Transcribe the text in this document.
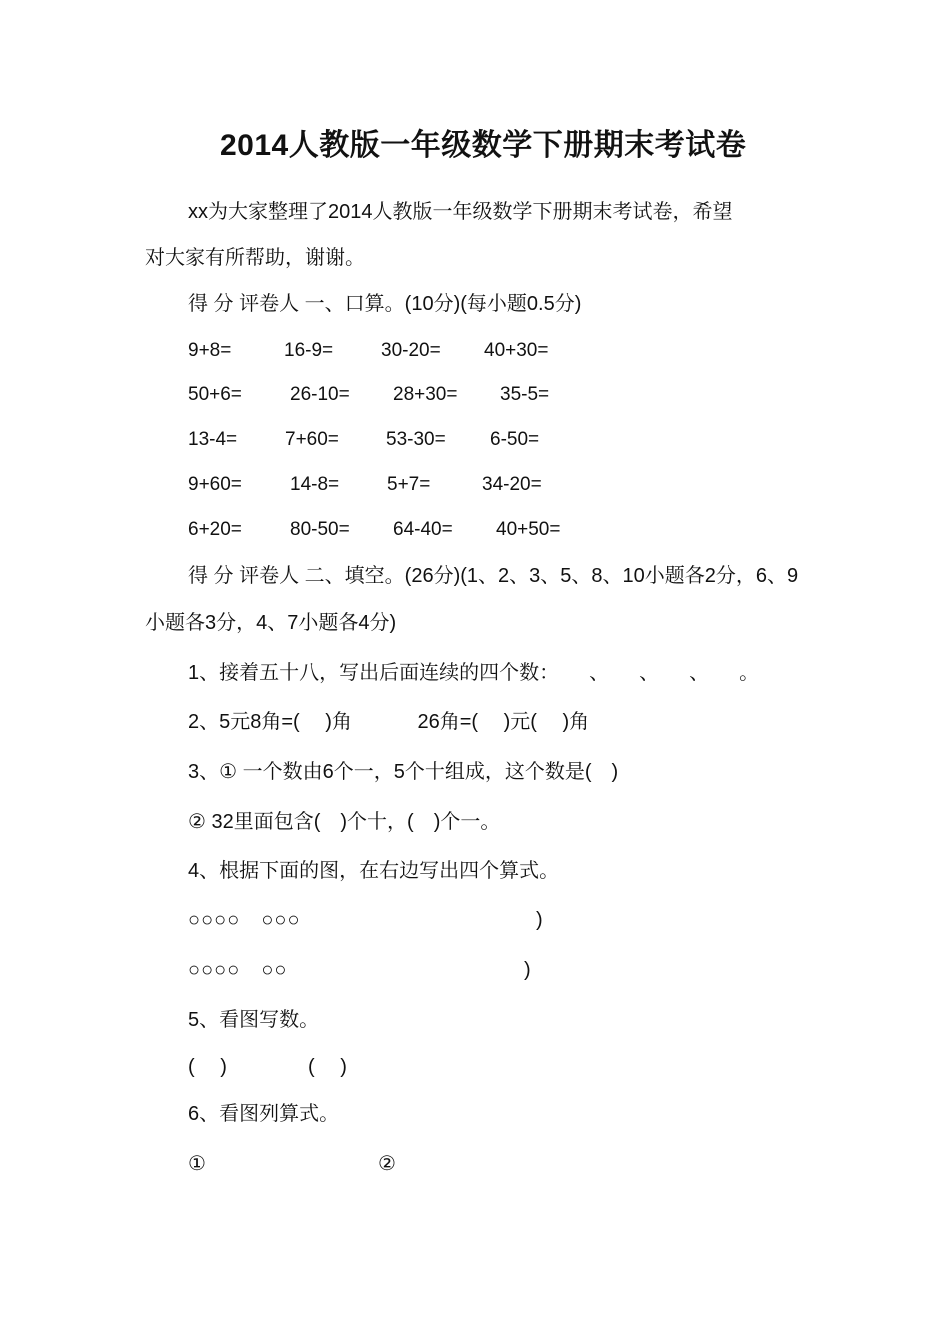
2014人教版一年级数学下册期末考试卷
xx为大家整理了2014人教版一年级数学下册期末考试卷，希望
对大家有所帮助，谢谢。
得 分 评卷人 一、口算。(10分)(每小题0.5分)
9+8=	16-9=	30-20= 40+30=
50+6=	26-10= 28+30= 35-5=
13-4=	7+60= 53-30= 6-50=
9+60=	14-8=	5+7=	34-20=
6+20=	80-50= 64-40= 40+50=
得 分 评卷人 二、填空。(26分)(1、2、3、5、8、10小题各2分，6、9
小题各3分，4、7小题各4分)
1、接着五十八，写出后面连续的四个数：　　、　　、　　、　　。
2、5元8角=(　 )角　　　 26角=(　 )元(　 )角
3、① 一个数由6个一，5个十组成，这个数是(　)
② 32里面包含(　)个十，(　)个一。
4、根据下面的图，在右边写出四个算式。
○○○○　○○○	)
○○○○　○○	)
5、看图写数。
(　 )	(　 )
6、看图列算式。
①	②
